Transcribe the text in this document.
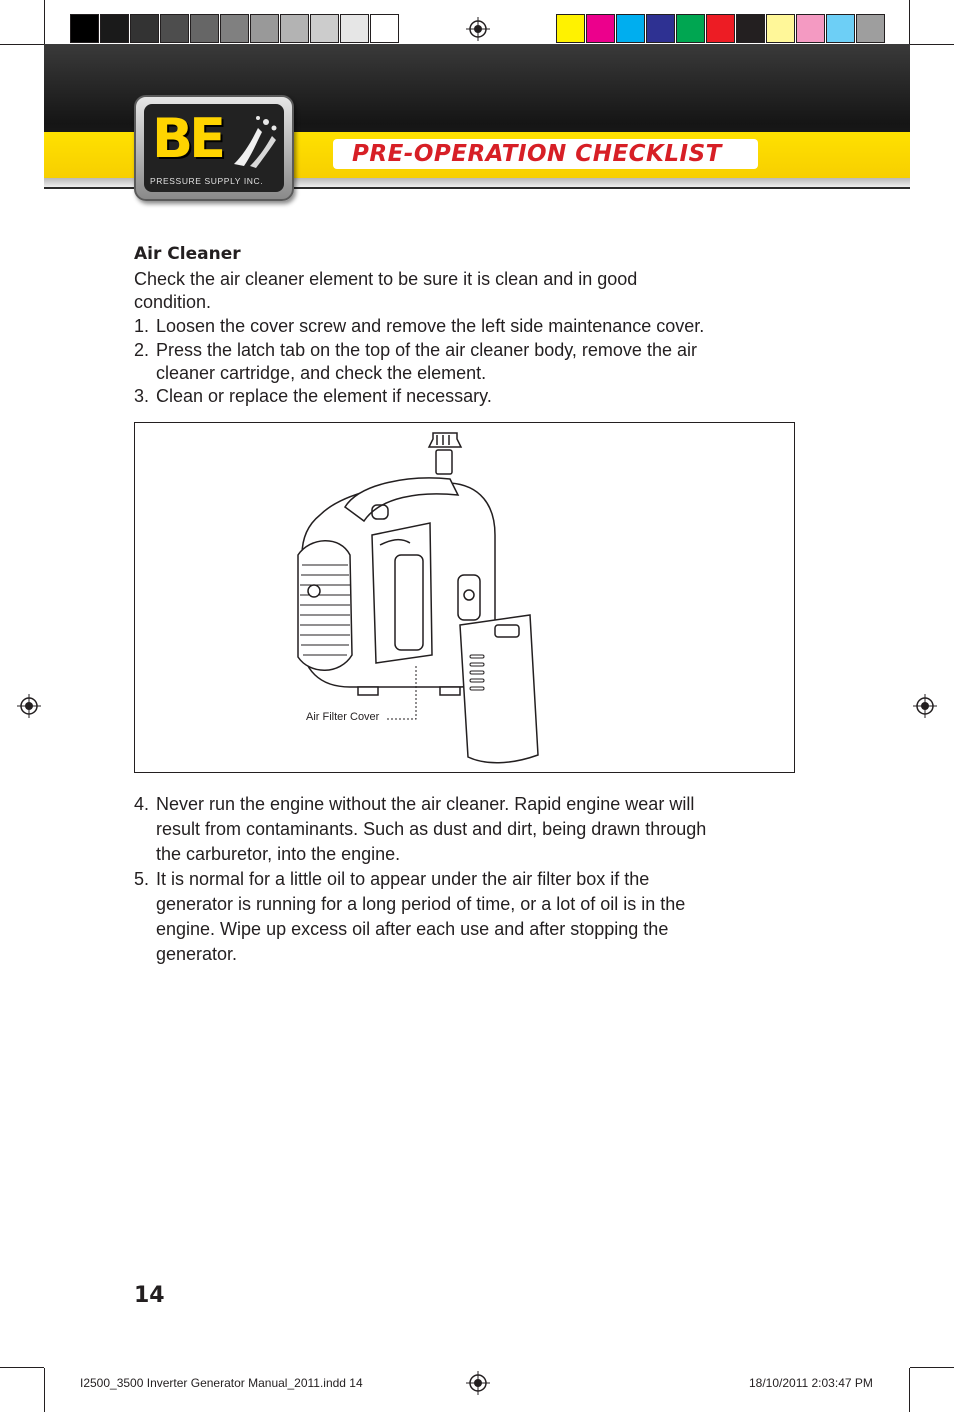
PRE-OPERATION CHECKLIST
BE
PRESSURE SUPPLY INC.
Air Cleaner
Check the air cleaner element to be sure it is clean and in good
condition.
1. Loosen the cover screw and remove the left side maintenance cover.
2. Press the latch tab on the top of the air cleaner body, remove the air
cleaner cartridge, and check the element.
3. Clean or replace the element if necessary.
Air Filter Cover
4. Never run the engine without the air cleaner. Rapid engine wear will
result from contaminants. Such as dust and dirt, being drawn through
the carburetor, into the engine.
5. It is normal for a little oil to appear under the air filter box if the
generator is running for a long period of time, or a lot of oil is in the
engine. Wipe up excess oil after each use and after stopping the
generator.
14
I2500_3500 Inverter Generator Manual_2011.indd 14	18/10/2011 2:03:47 PM
